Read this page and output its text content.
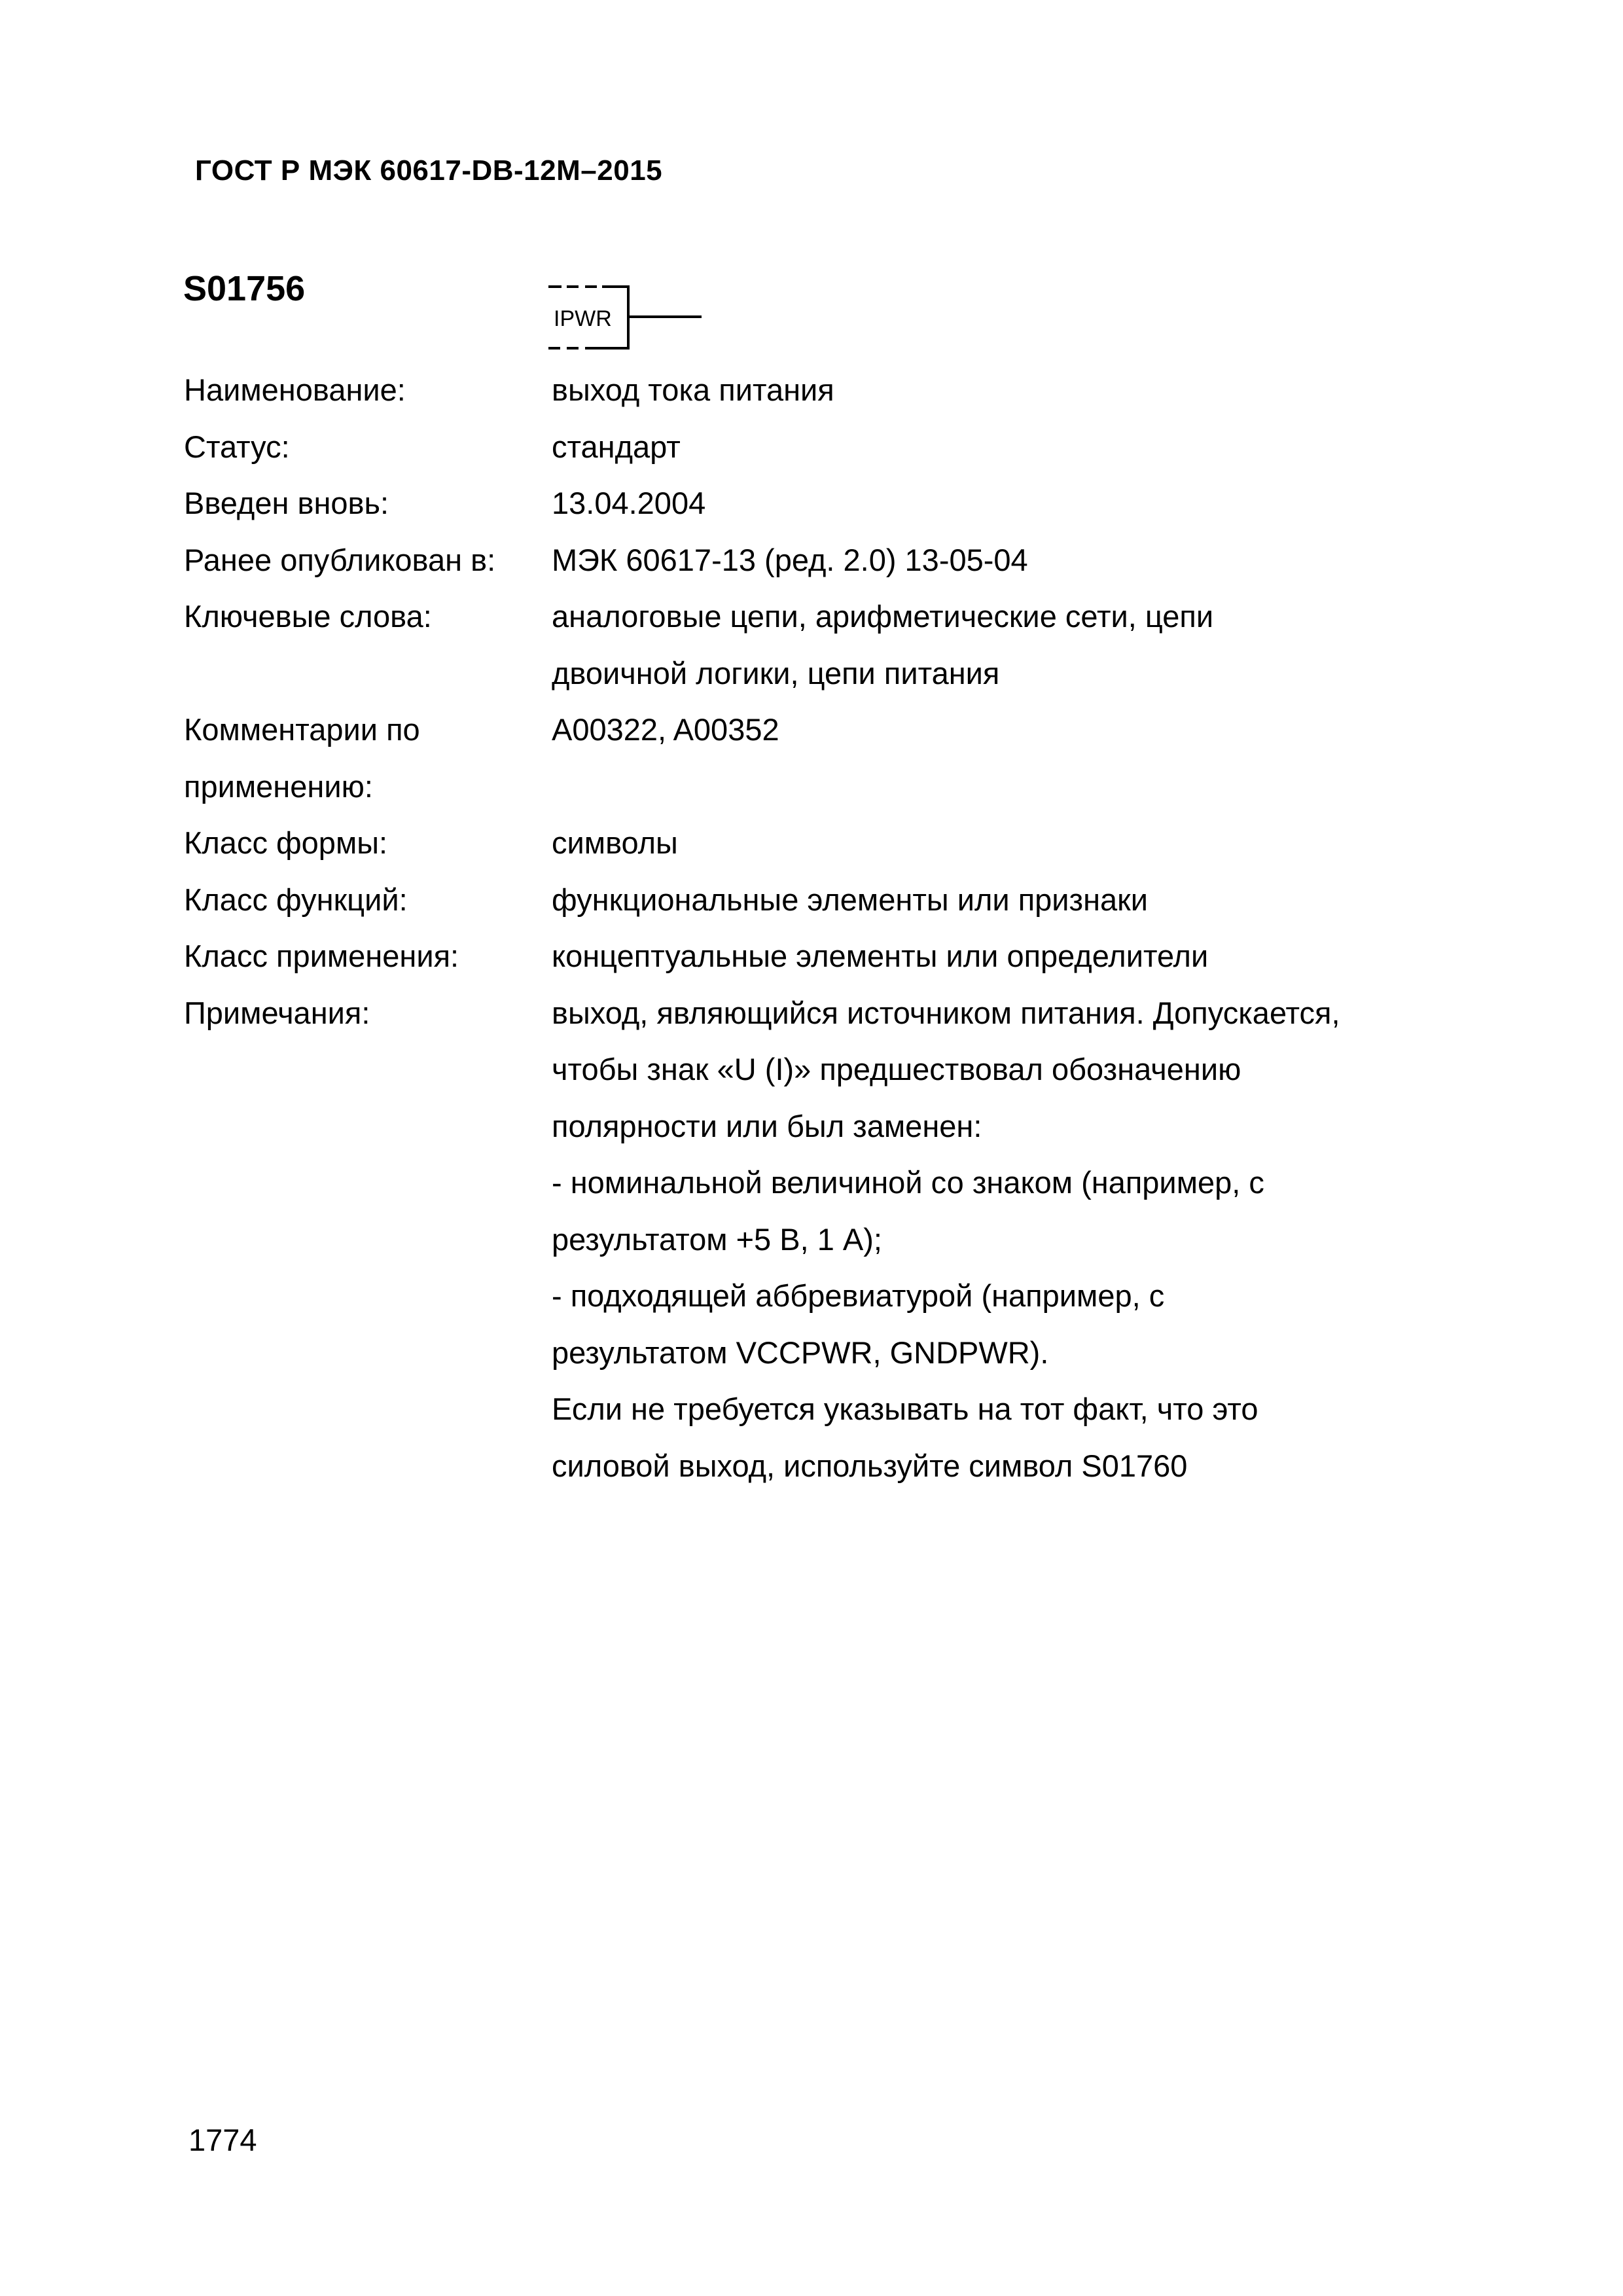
ГОСТ Р МЭК 60617-DB-12M–2015
S01756
IPWR
Наименование:	выход тока питания
Статус:	стандарт
Введен вновь:	13.04.2004
Ранее опубликован в:	МЭК 60617-13 (ред. 2.0) 13-05-04
Ключевые слова:	аналоговые цепи, арифметические сети, цепи
двоичной логики, цепи питания
Комментарии по применению:
A00322, A00352
Класс формы:	символы
Класс функций:	функциональные элементы или признаки
Класс применения:	концептуальные элементы или определители
Примечания:	выход, являющийся источником питания. Допускается,
чтобы знак «U (I)» предшествовал обозначению
полярности или был заменен:
- номинальной величиной со знаком (например, с
результатом +5 В, 1 А);
- подходящей аббревиатурой (например, с
результатом VCCPWR, GNDPWR).
Если не требуется указывать на тот факт, что это
силовой выход, используйте символ S01760
1774
